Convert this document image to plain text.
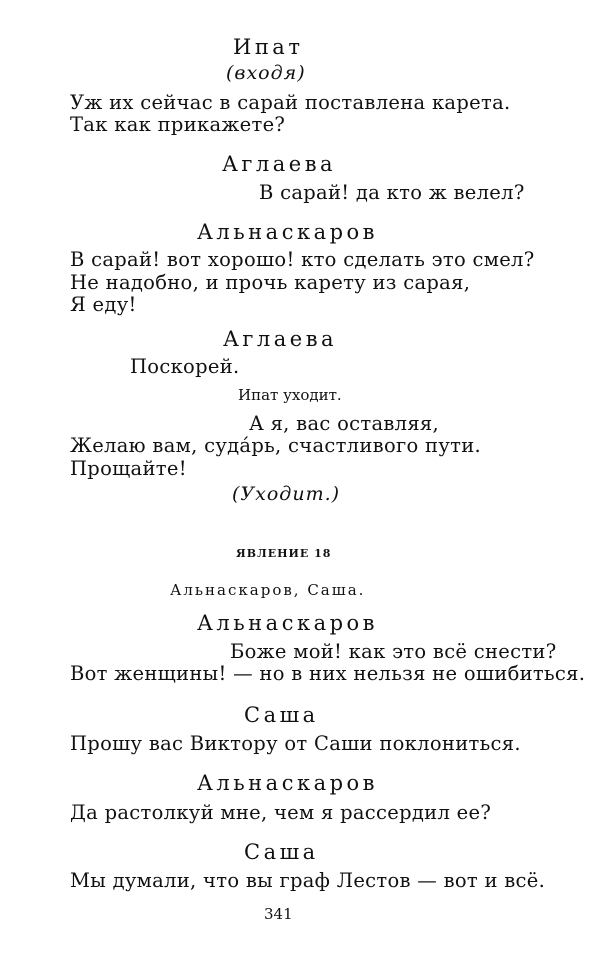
Ипат
(входя)
Уж их сейчас в сарай поставлена карета.
Так как прикажете?
Аглаева
В сарай! да кто ж велел?
Альнаскаров
В сарай! вот хорошо! кто сделать это смел?
Не надобно, и прочь карету из сарая,
Я еду!
Аглаева
Поскорей.
Ипат уходит.
А я, вас оставляя,
Желаю вам, суда́рь, счастливого пути.
Прощайте!
(Уходит.)
ЯВЛЕНИЕ 18
Альнаскаров, Саша.
Альнаскаров
Боже мой! как это всё снести?
Вот женщины! — но в них нельзя не ошибиться.
Саша
Прошу вас Виктору от Саши поклониться.
Альнаскаров
Да растолкуй мне, чем я рассердил ее?
Саша
Мы думали, что вы граф Лестов — вот и всё.
341
